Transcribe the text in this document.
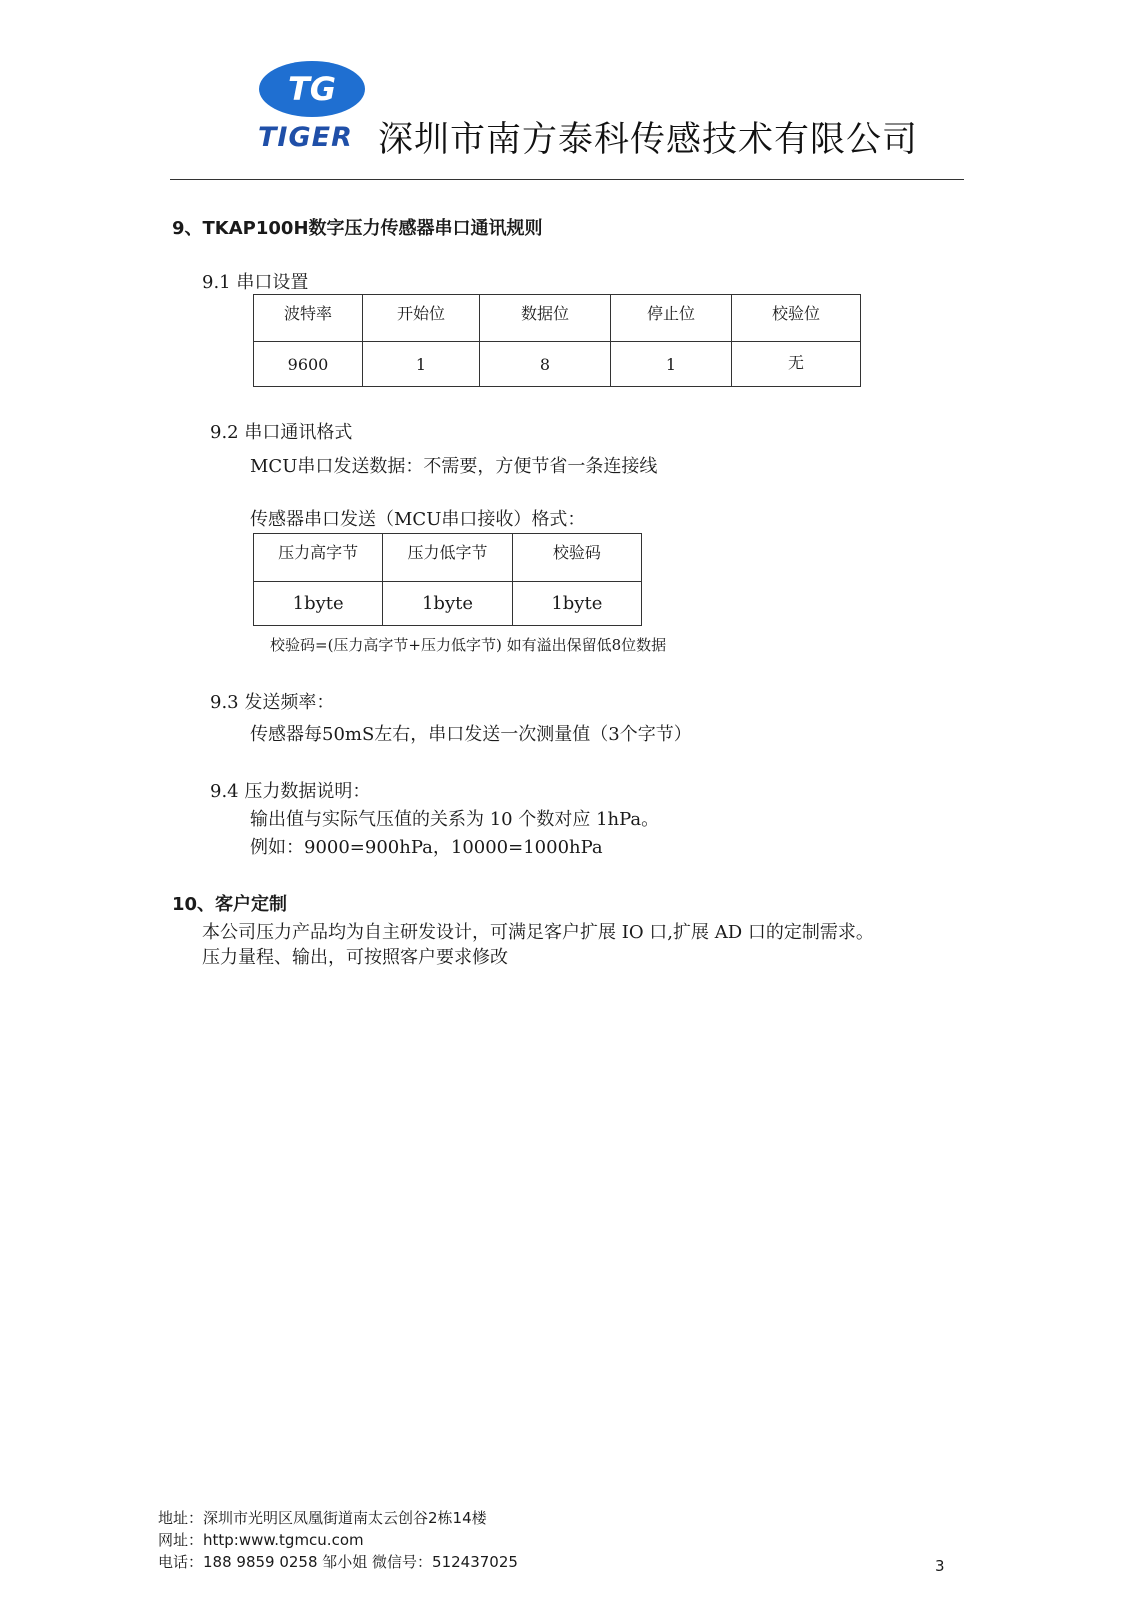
TG
TIGER 深圳市南方泰科传感技术有限公司
9、TKAP100H数字压力传感器串口通讯规则
9.1 串口设置
波特率	开始位	数据位	停止位	校验位
9600	1	8	1	无
9.2 串口通讯格式
MCU串口发送数据：不需要，方便节省一条连接线
传感器串口发送（MCU串口接收）格式：
压力高字节	压力低字节	校验码
1byte	1byte	1byte
校验码=(压力高字节+压力低字节) 如有溢出保留低8位数据
9.3 发送频率：
传感器每50mS左右，串口发送一次测量值（3个字节）
9.4 压力数据说明：
输出值与实际气压值的关系为 10 个数对应 1hPa。
例如：9000=900hPa，10000=1000hPa
10、客户定制
本公司压力产品均为自主研发设计，可满足客户扩展 IO 口,扩展 AD 口的定制需求。
压力量程、输出，可按照客户要求修改
地址：深圳市光明区凤凰街道南太云创谷2栋14楼
网址：http:www.tgmcu.com
电话：188 9859 0258 邹小姐 微信号：512437025	3
